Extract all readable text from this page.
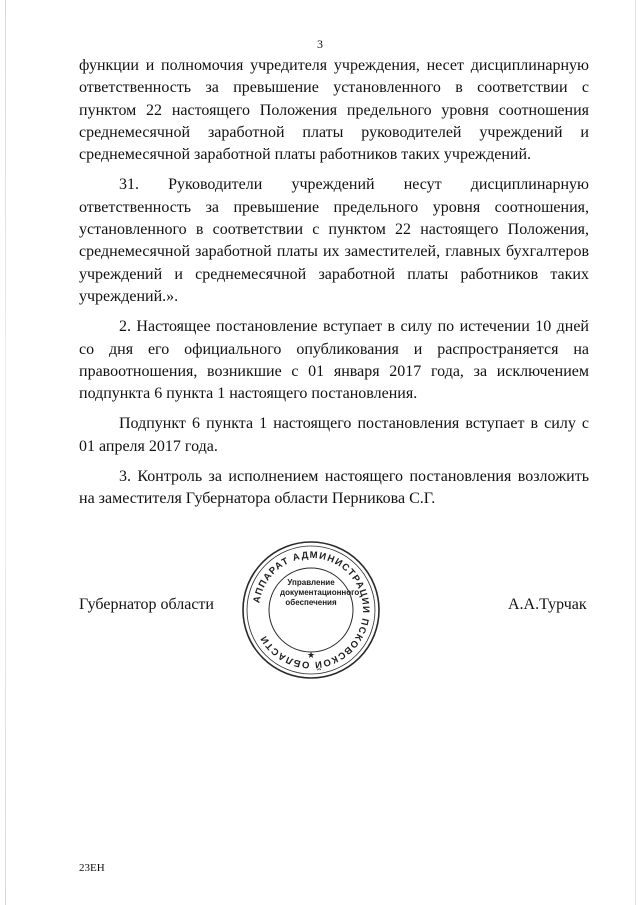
3

функции и полномочия учредителя учреждения, несет дисциплинарную

ответственность за превышение установленного в соответствии с

пунктом 22 настоящего Положения предельного уровня соотношения

среднемесячной заработной платы руководителей учреждений и

среднемесячной заработной платы работников таких учреждений.

31. Руководители учреждений несут дисциплинарную

ответственность за превышение предельного уровня соотношения,

установленного в соответствии с пунктом 22 настоящего Положения,

среднемесячной заработной платы их заместителей, главных бухгалтеров

учреждений и среднемесячной заработной платы работников таких

учреждений.».

2. Настоящее постановление вступает в силу по истечении 10 дней

со дня его официального опубликования и распространяется на

правоотношения, возникшие с 01 января 2017 года, за исключением

подпункта 6 пункта 1 настоящего постановления.

Подпункт 6 пункта 1 настоящего постановления вступает в силу с

01 апреля 2017 года.

3. Контроль за исполнением настоящего постановления возложить

на заместителя Губернатора области Перникова С.Г.

Губернатор области	АППАРАТ АДМИНИСТРАЦИИ ПСКОВСКОЙ ОБЛАСТИ
★
Управление
документационного
обеспечения	А.А.Турчак
23ЕН
